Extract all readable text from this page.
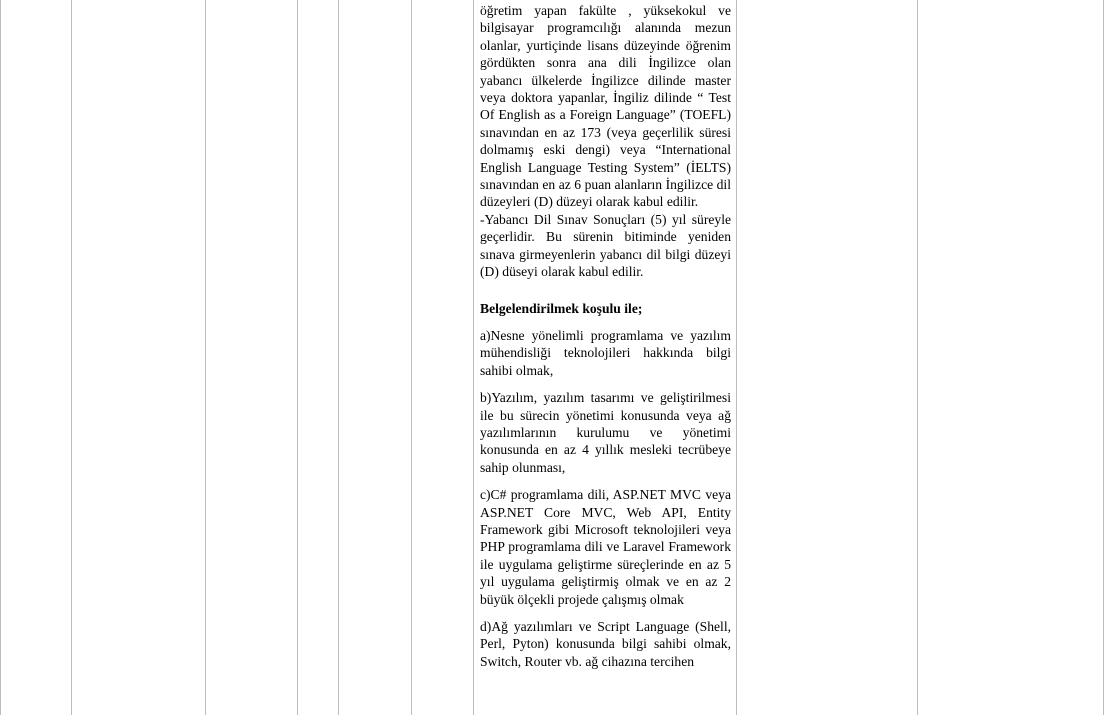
öğretim yapan fakülte , yüksekokul ve bilgisayar programcılığı alanında mezun olanlar, yurtiçinde lisans düzeyinde öğrenim gördükten sonra ana dili İngilizce olan yabancı ülkelerde İngilizce dilinde master veya doktora yapanlar, İngiliz dilinde “ Test Of English as a Foreign Language” (TOEFL) sınavından en az 173 (veya geçerlilik süresi dolmamış eski dengi) veya “International English Language Testing System” (İELTS) sınavından en az 6 puan alanların İngilizce dil düzeyleri (D) düzeyi olarak kabul edilir.

-Yabancı Dil Sınav Sonuçları (5) yıl süreyle geçerlidir. Bu sürenin bitiminde yeniden sınava girmeyenlerin yabancı dil bilgi düzeyi (D) düseyi olarak kabul edilir.

Belgelendirilmek koşulu ile;

a)Nesne yönelimli programlama ve yazılım mühendisliği teknolojileri hakkında bilgi sahibi olmak,

b)Yazılım, yazılım tasarımı ve geliştirilmesi ile bu sürecin yönetimi konusunda veya ağ yazılımlarının kurulumu ve yönetimi konusunda en az 4 yıllık mesleki tecrübeye sahip olunması,

c)C# programlama dili, ASP.NET MVC veya ASP.NET Core MVC, Web API, Entity Framework gibi Microsoft teknolojileri veya PHP programlama dili ve Laravel Framework ile uygulama geliştirme süreçlerinde en az 5 yıl uygulama geliştirmiş olmak ve en az 2 büyük ölçekli projede çalışmış olmak

d)Ağ yazılımları ve Script Language (Shell, Perl, Pyton) konusunda bilgi sahibi olmak, Switch, Router vb. ağ cihazına tercihen
